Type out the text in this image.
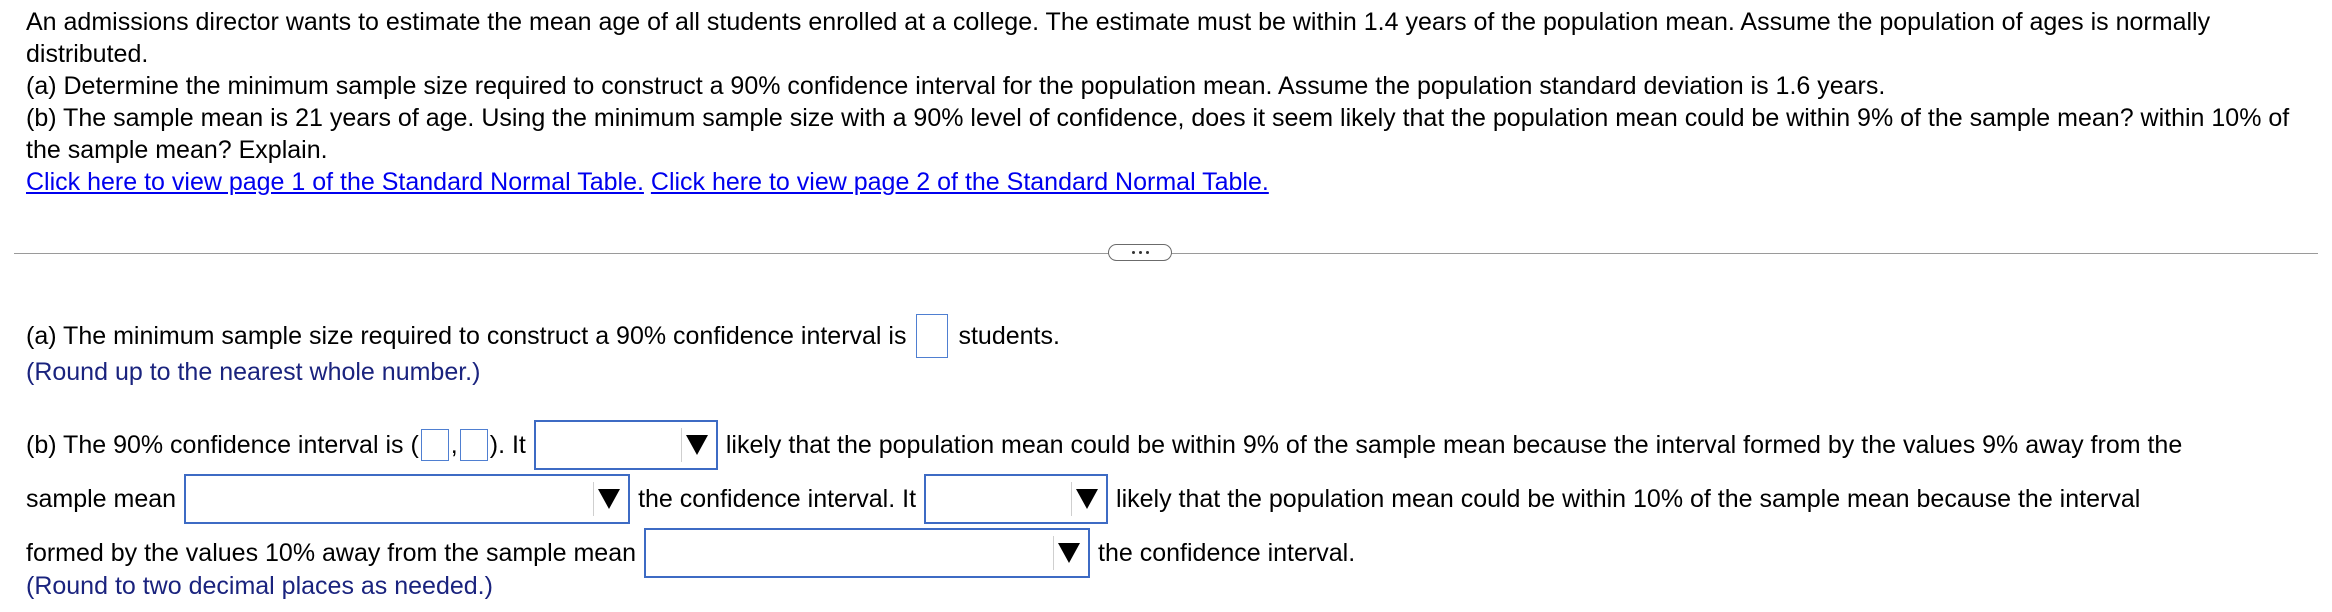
An admissions director wants to estimate the mean age of all students enrolled at a college. The estimate must be within 1.4 years of the population mean. Assume the population of ages is normally distributed.

(a) Determine the minimum sample size required to construct a 90% confidence interval for the population mean. Assume the population standard deviation is 1.6 years.

(b) The sample mean is 21 years of age. Using the minimum sample size with a 90% level of confidence, does it seem likely that the population mean could be within 9% of the sample mean? within 10% of the sample mean? Explain.

Click here to view page 1 of the Standard Normal Table. Click here to view page 2 of the Standard Normal Table.

(a) The minimum sample size required to construct a 90% confidence interval is students.
(Round up to the nearest whole number.)
(b) The 90% confidence interval is ( , ). It	likely that the population mean could be within 9% of the sample mean because the interval formed by the values 9% away from the
sample mean	the confidence interval. It	likely that the population mean could be within 10% of the sample mean because the interval
formed by the values 10% away from the sample mean	the confidence interval.
(Round to two decimal places as needed.)
